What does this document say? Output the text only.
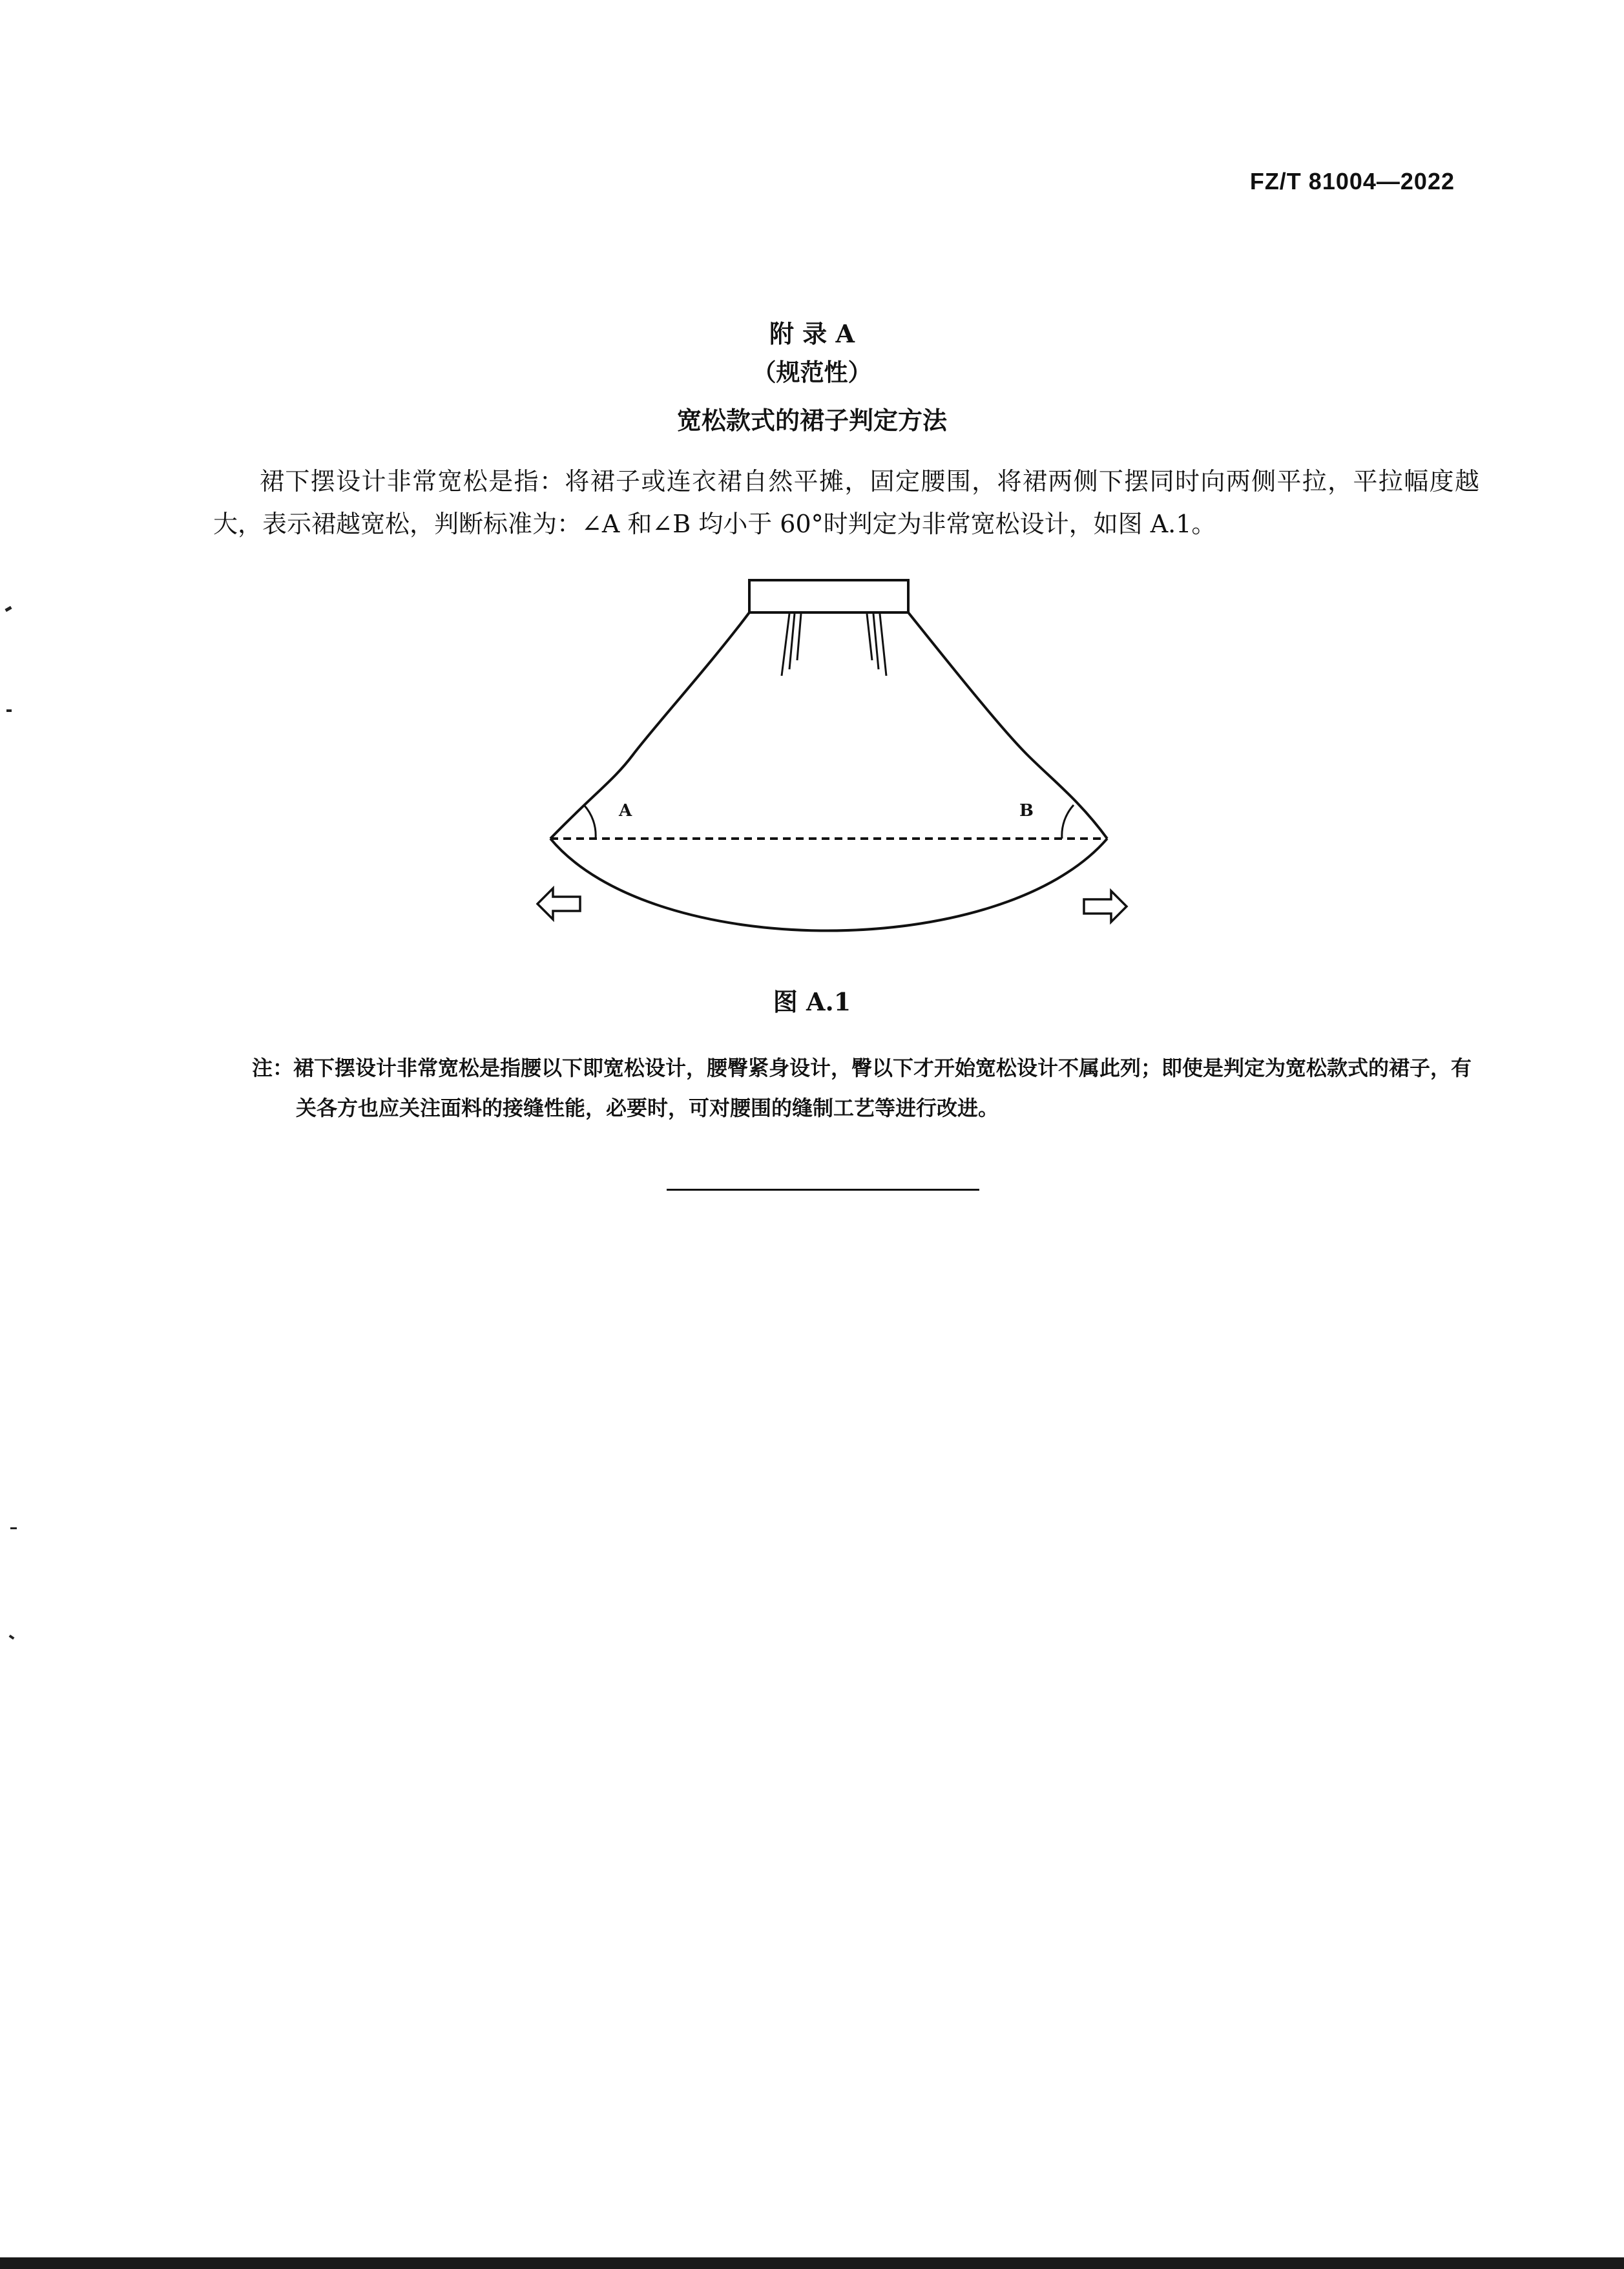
FZ/T 81004—2022
附 录 A
（规范性）
宽松款式的裙子判定方法
裙下摆设计非常宽松是指：将裙子或连衣裙自然平摊，固定腰围，将裙两侧下摆同时向两侧平拉，平拉幅度越大，表示裙越宽松，判断标准为：∠A 和∠B 均小于 60°时判定为非常宽松设计，如图 A.1。
A	B
图 A.1
注：裙下摆设计非常宽松是指腰以下即宽松设计，腰臀紧身设计，臀以下才开始宽松设计不属此列；即使是判定为宽松款式的裙子，有关各方也应关注面料的接缝性能，必要时，可对腰围的缝制工艺等进行改进。
